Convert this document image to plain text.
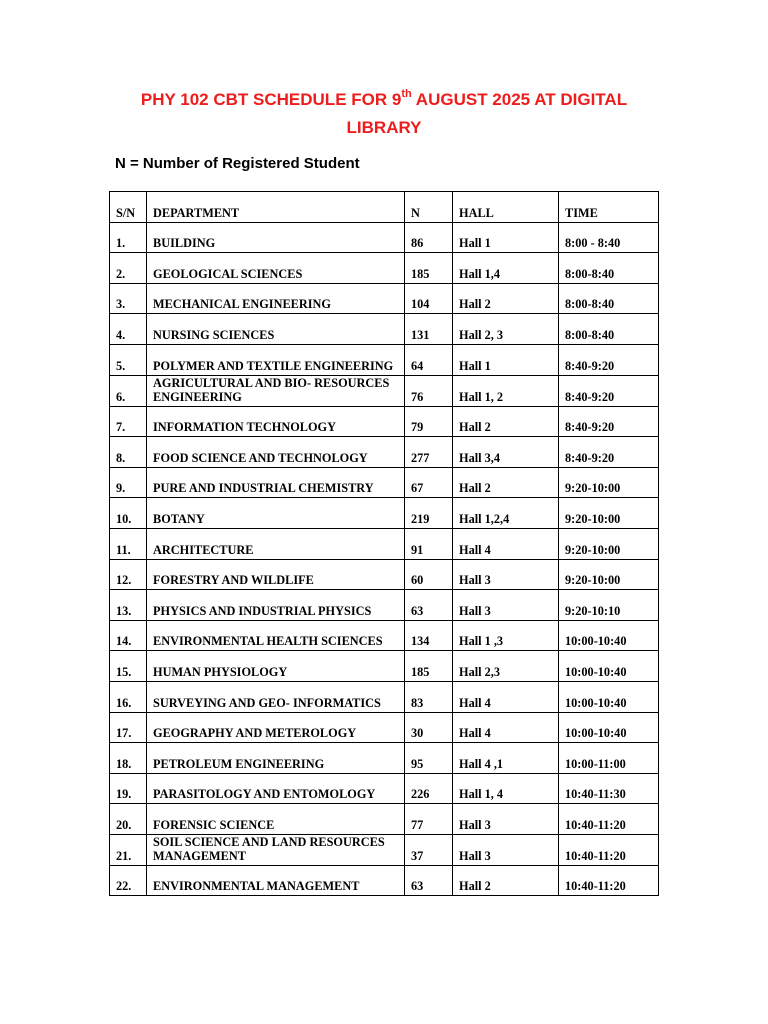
PHY 102 CBT SCHEDULE FOR 9th AUGUST 2025 AT DIGITAL
LIBRARY
N = Number of Registered Student
S/N	DEPARTMENT	N	HALL	TIME
1.	BUILDING	86	Hall 1	8:00 - 8:40
2.	GEOLOGICAL SCIENCES	185	Hall 1,4	8:00-8:40
3.	MECHANICAL ENGINEERING	104	Hall 2	8:00-8:40
4.	NURSING SCIENCES	131	Hall 2, 3	8:00-8:40
5.	POLYMER AND TEXTILE ENGINEERING	64	Hall 1	8:40-9:20
6.	AGRICULTURAL AND BIO- RESOURCES ENGINEERING	76	Hall 1, 2	8:40-9:20
7.	INFORMATION TECHNOLOGY	79	Hall 2	8:40-9:20
8.	FOOD SCIENCE AND TECHNOLOGY	277	Hall 3,4	8:40-9:20
9.	PURE AND INDUSTRIAL CHEMISTRY	67	Hall 2	9:20-10:00
10.	BOTANY	219	Hall 1,2,4	9:20-10:00
11.	ARCHITECTURE	91	Hall 4	9:20-10:00
12.	FORESTRY AND WILDLIFE	60	Hall 3	9:20-10:00
13.	PHYSICS AND INDUSTRIAL PHYSICS	63	Hall 3	9:20-10:10
14.	ENVIRONMENTAL HEALTH SCIENCES	134	Hall 1 ,3	10:00-10:40
15.	HUMAN PHYSIOLOGY	185	Hall 2,3	10:00-10:40
16.	SURVEYING AND GEO- INFORMATICS	83	Hall 4	10:00-10:40
17.	GEOGRAPHY AND METEROLOGY	30	Hall 4	10:00-10:40
18.	PETROLEUM ENGINEERING	95	Hall 4 ,1	10:00-11:00
19.	PARASITOLOGY AND ENTOMOLOGY	226	Hall 1, 4	10:40-11:30
20.	FORENSIC SCIENCE	77	Hall 3	10:40-11:20
21.	SOIL SCIENCE AND LAND RESOURCES MANAGEMENT	37	Hall 3	10:40-11:20
22.	ENVIRONMENTAL MANAGEMENT	63	Hall 2	10:40-11:20
